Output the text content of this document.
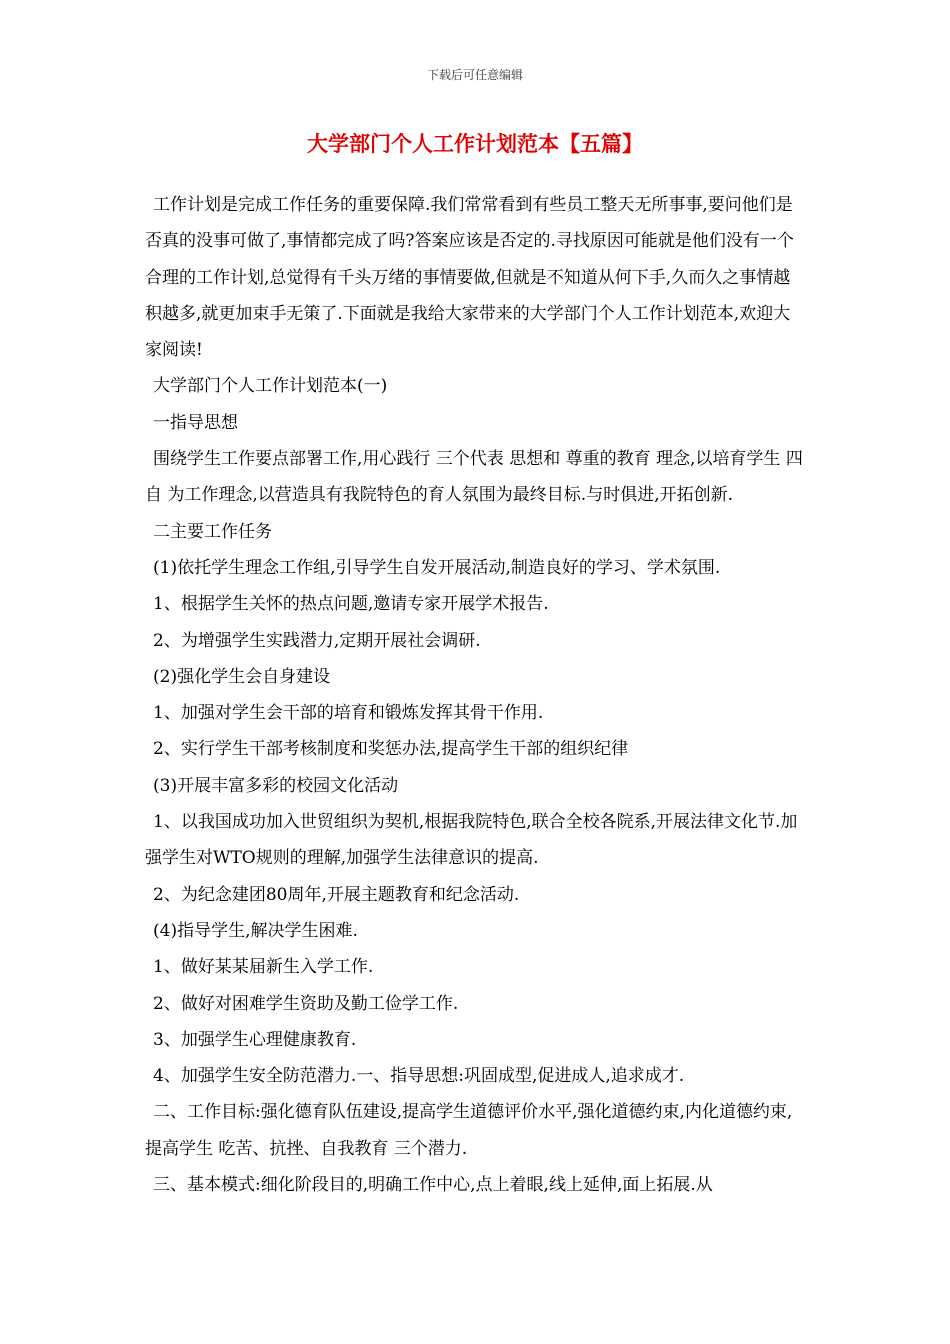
下载后可任意编辑
大学部门个人工作计划范本【五篇】

工作计划是完成工作任务的重要保障.我们常常看到有些员工整天无所事事,要问他们是否真的没事可做了,事情都完成了吗?答案应该是否定的.寻找原因可能就是他们没有一个合理的工作计划,总觉得有千头万绪的事情要做,但就是不知道从何下手,久而久之事情越积越多,就更加束手无策了.下面就是我给大家带来的大学部门个人工作计划范本,欢迎大家阅读!

大学部门个人工作计划范本(一)

一指导思想

围绕学生工作要点部署工作,用心践行 三个代表 思想和 尊重的教育 理念,以培育学生 四自 为工作理念,以营造具有我院特色的育人氛围为最终目标.与时俱进,开拓创新.

二主要工作任务

(1)依托学生理念工作组,引导学生自发开展活动,制造良好的学习、学术氛围.

1、根据学生关怀的热点问题,邀请专家开展学术报告.

2、为增强学生实践潜力,定期开展社会调研.

(2)强化学生会自身建设

1、加强对学生会干部的培育和锻炼发挥其骨干作用.

2、实行学生干部考核制度和奖惩办法,提高学生干部的组织纪律

(3)开展丰富多彩的校园文化活动

1、以我国成功加入世贸组织为契机,根据我院特色,联合全校各院系,开展法律文化节.加强学生对WTO规则的理解,加强学生法律意识的提高.

2、为纪念建团80周年,开展主题教育和纪念活动.

(4)指导学生,解决学生困难.

1、做好某某届新生入学工作.

2、做好对困难学生资助及勤工俭学工作.

3、加强学生心理健康教育.

4、加强学生安全防范潜力.一、指导思想:巩固成型,促进成人,追求成才.

二、工作目标:强化德育队伍建设,提高学生道德评价水平,强化道德约束,内化道德约束,提高学生 吃苦、抗挫、自我教育 三个潜力.

三、基本模式:细化阶段目的,明确工作中心,点上着眼,线上延伸,面上拓展.从
